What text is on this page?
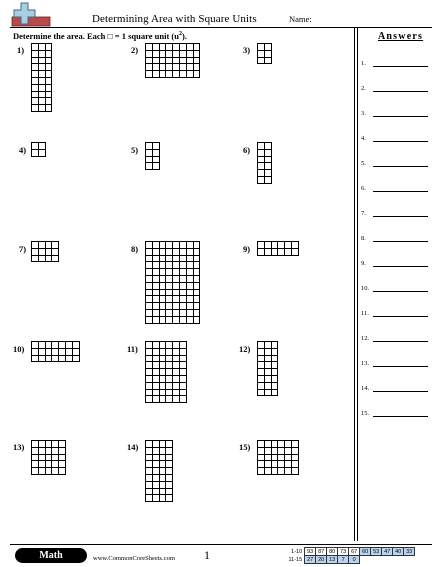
Determining Area with Square Units	Name:
Determine the area. Each □ = 1 square unit $(u^2)$.
1)	2)	3)
4)	5)	6)
7)	8)	9)
10)	11)	12)
13)	14)	15)
Answers
1.
2.
3.
4.
5.
6.
7.
8.
9.
10.
11.
12.
13.
14.
15.
Math	www.CommonCoreSheets.com 1	1-10	93	87	80	73	67	60	53	47	40	33
11-15	27	20	13	7	0					
